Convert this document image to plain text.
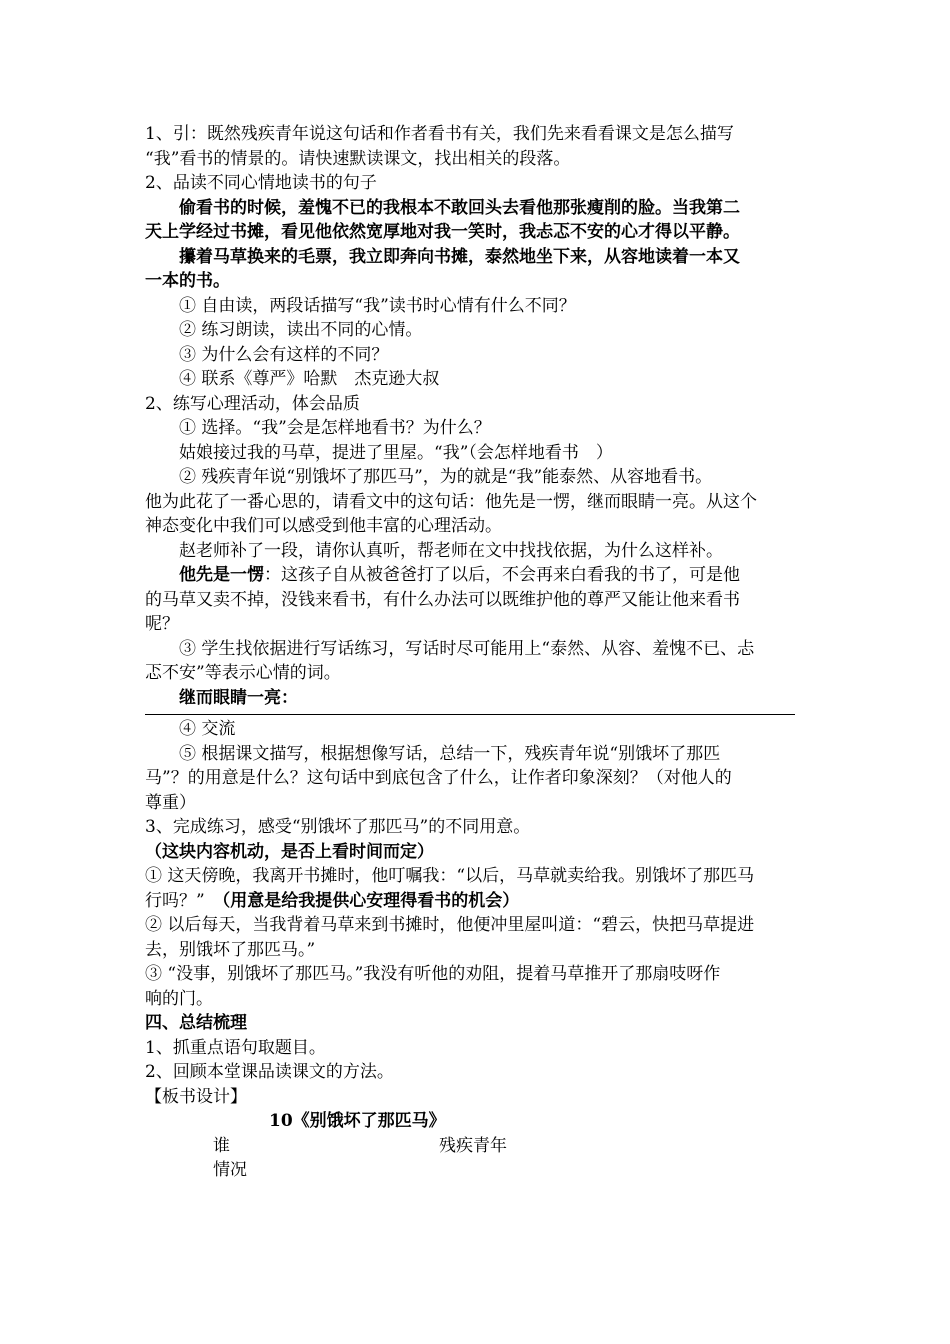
1、引：既然残疾青年说这句话和作者看书有关，我们先来看看课文是怎么描写
“我”看书的情景的。请快速默读课文，找出相关的段落。
2、品读不同心情地读书的句子
偷看书的时候，羞愧不已的我根本不敢回头去看他那张瘦削的脸。当我第二
天上学经过书摊，看见他依然宽厚地对我一笑时，我忐忑不安的心才得以平静。
攥着马草换来的毛票，我立即奔向书摊，泰然地坐下来，从容地读着一本又
一本的书。
① 自由读，两段话描写“我”读书时心情有什么不同？
② 练习朗读，读出不同的心情。
③ 为什么会有这样的不同？
④ 联系《尊严》哈默　杰克逊大叔
2、练写心理活动，体会品质
① 选择。“我”会是怎样地看书？为什么？
姑娘接过我的马草，提进了里屋。“我”（会怎样地看书　）
② 残疾青年说“别饿坏了那匹马”，为的就是“我”能泰然、从容地看书。
他为此花了一番心思的，请看文中的这句话：他先是一愣，继而眼睛一亮。从这个
神态变化中我们可以感受到他丰富的心理活动。
赵老师补了一段，请你认真听，帮老师在文中找找依据，为什么这样补。
他先是一愣：这孩子自从被爸爸打了以后，不会再来白看我的书了，可是他
的马草又卖不掉，没钱来看书，有什么办法可以既维护他的尊严又能让他来看书
呢？
③ 学生找依据进行写话练习，写话时尽可能用上“泰然、从容、羞愧不已、忐
忑不安”等表示心情的词。
继而眼睛一亮：
④ 交流
⑤ 根据课文描写，根据想像写话，总结一下，残疾青年说“别饿坏了那匹
马”？的用意是什么？这句话中到底包含了什么，让作者印象深刻？（对他人的
尊重）
3、完成练习，感受“别饿坏了那匹马”的不同用意。
（这块内容机动，是否上看时间而定）
① 这天傍晚，我离开书摊时，他叮嘱我：“以后，马草就卖给我。别饿坏了那匹马
行吗？”　（用意是给我提供心安理得看书的机会）
② 以后每天，当我背着马草来到书摊时，他便冲里屋叫道：“碧云，快把马草提进
去，别饿坏了那匹马。”
③ “没事，别饿坏了那匹马。”我没有听他的劝阻，提着马草推开了那扇吱呀作
响的门。
四、总结梳理
1、抓重点语句取题目。
2、回顾本堂课品读课文的方法。
【板书设计】
10《别饿坏了那匹马》
谁	残疾青年
情况
